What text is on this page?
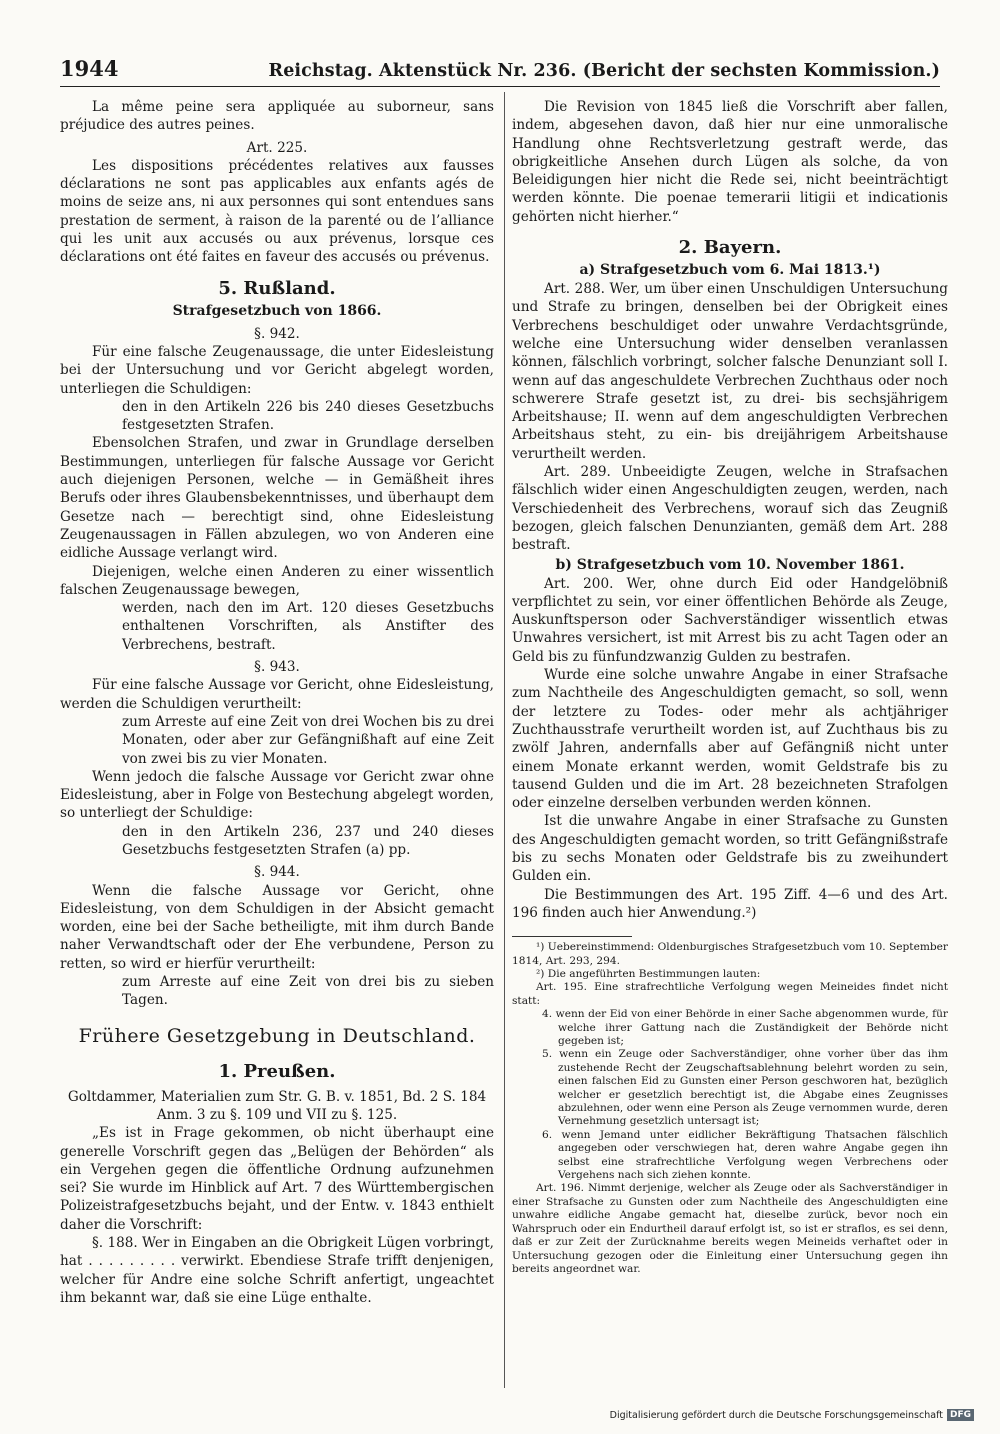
1944	Reichstag. Aktenstück Nr. 236. (Bericht der sechsten Kommission.)

La même peine sera appliquée au suborneur, sans préjudice des autres peines.

Art. 225.

Les dispositions précédentes relatives aux fausses déclarations ne sont pas applicables aux enfants agés de moins de seize ans, ni aux personnes qui sont entendues sans prestation de serment, à raison de la parenté ou de l’alliance qui les unit aux accusés ou aux prévenus, lorsque ces déclarations ont été faites en faveur des accusés ou prévenus.

5. Rußland.

Strafgesetzbuch von 1866.

§. 942.

Für eine falsche Zeugenaussage, die unter Eidesleistung bei der Untersuchung und vor Gericht abgelegt worden, unterliegen die Schuldigen:

den in den Artikeln 226 bis 240 dieses Gesetzbuchs festgesetzten Strafen.

Ebensolchen Strafen, und zwar in Grundlage derselben Bestimmungen, unterliegen für falsche Aussage vor Gericht auch diejenigen Personen, welche — in Gemäßheit ihres Berufs oder ihres Glaubensbekenntnisses, und überhaupt dem Gesetze nach — berechtigt sind, ohne Eidesleistung Zeugenaussagen in Fällen abzulegen, wo von Anderen eine eidliche Aussage verlangt wird.

Diejenigen, welche einen Anderen zu einer wissentlich falschen Zeugenaussage bewegen,

werden, nach den im Art. 120 dieses Gesetzbuchs enthaltenen Vorschriften, als Anstifter des Verbrechens, bestraft.

§. 943.

Für eine falsche Aussage vor Gericht, ohne Eidesleistung, werden die Schuldigen verurtheilt:

zum Arreste auf eine Zeit von drei Wochen bis zu drei Monaten, oder aber zur Gefängnißhaft auf eine Zeit von zwei bis zu vier Monaten.

Wenn jedoch die falsche Aussage vor Gericht zwar ohne Eidesleistung, aber in Folge von Bestechung abgelegt worden, so unterliegt der Schuldige:

den in den Artikeln 236, 237 und 240 dieses Gesetzbuchs festgesetzten Strafen (a) pp.

§. 944.

Wenn die falsche Aussage vor Gericht, ohne Eidesleistung, von dem Schuldigen in der Absicht gemacht worden, eine bei der Sache betheiligte, mit ihm durch Bande naher Verwandtschaft oder der Ehe verbundene, Person zu retten, so wird er hierfür verurtheilt:

zum Arreste auf eine Zeit von drei bis zu sieben Tagen.

Frühere Gesetzgebung in Deutschland.

1. Preußen.

Goltdammer, Materialien zum Str. G. B. v. 1851, Bd. 2 S. 184 Anm. 3 zu §. 109 und VII zu §. 125.

„Es ist in Frage gekommen, ob nicht überhaupt eine generelle Vorschrift gegen das „Belügen der Behörden“ als ein Vergehen gegen die öffentliche Ordnung aufzunehmen sei? Sie wurde im Hinblick auf Art. 7 des Württembergischen Polizeistrafgesetzbuchs bejaht, und der Entw. v. 1843 enthielt daher die Vorschrift:

§. 188. Wer in Eingaben an die Obrigkeit Lügen vorbringt, hat . . . . . . . . . verwirkt. Ebendiese Strafe trifft denjenigen, welcher für Andre eine solche Schrift anfertigt, ungeachtet ihm bekannt war, daß sie eine Lüge enthalte.

Die Revision von 1845 ließ die Vorschrift aber fallen, indem, abgesehen davon, daß hier nur eine unmoralische Handlung ohne Rechtsverletzung gestraft werde, das obrigkeitliche Ansehen durch Lügen als solche, da von Beleidigungen hier nicht die Rede sei, nicht beeinträchtigt werden könnte. Die poenae temerarii litigii et indicationis gehörten nicht hierher.“

2. Bayern.

a) Strafgesetzbuch vom 6. Mai 1813.¹)

Art. 288. Wer, um über einen Unschuldigen Untersuchung und Strafe zu bringen, denselben bei der Obrigkeit eines Verbrechens beschuldiget oder unwahre Verdachtsgründe, welche eine Untersuchung wider denselben veranlassen können, fälschlich vorbringt, solcher falsche Denunziant soll I. wenn auf das angeschuldete Verbrechen Zuchthaus oder noch schwerere Strafe gesetzt ist, zu drei- bis sechsjährigem Arbeitshause; II. wenn auf dem angeschuldigten Verbrechen Arbeitshaus steht, zu ein- bis dreijährigem Arbeitshause verurtheilt werden.

Art. 289. Unbeeidigte Zeugen, welche in Strafsachen fälschlich wider einen Angeschuldigten zeugen, werden, nach Verschiedenheit des Verbrechens, worauf sich das Zeugniß bezogen, gleich falschen Denunzianten, gemäß dem Art. 288 bestraft.

b) Strafgesetzbuch vom 10. November 1861.

Art. 200. Wer, ohne durch Eid oder Handgelöbniß verpflichtet zu sein, vor einer öffentlichen Behörde als Zeuge, Auskunftsperson oder Sachverständiger wissentlich etwas Unwahres versichert, ist mit Arrest bis zu acht Tagen oder an Geld bis zu fünfundzwanzig Gulden zu bestrafen.

Wurde eine solche unwahre Angabe in einer Strafsache zum Nachtheile des Angeschuldigten gemacht, so soll, wenn der letztere zu Todes- oder mehr als achtjähriger Zuchthausstrafe verurtheilt worden ist, auf Zuchthaus bis zu zwölf Jahren, andernfalls aber auf Gefängniß nicht unter einem Monate erkannt werden, womit Geldstrafe bis zu tausend Gulden und die im Art. 28 bezeichneten Strafolgen oder einzelne derselben verbunden werden können.

Ist die unwahre Angabe in einer Strafsache zu Gunsten des Angeschuldigten gemacht worden, so tritt Gefängnißstrafe bis zu sechs Monaten oder Geldstrafe bis zu zweihundert Gulden ein.

Die Bestimmungen des Art. 195 Ziff. 4—6 und des Art. 196 finden auch hier Anwendung.²)

¹) Uebereinstimmend: Oldenburgisches Strafgesetzbuch vom 10. September 1814, Art. 293, 294.

²) Die angeführten Bestimmungen lauten:

Art. 195. Eine strafrechtliche Verfolgung wegen Meineides findet nicht statt:

4. wenn der Eid von einer Behörde in einer Sache abgenommen wurde, für welche ihrer Gattung nach die Zuständigkeit der Behörde nicht gegeben ist;

5. wenn ein Zeuge oder Sachverständiger, ohne vorher über das ihm zustehende Recht der Zeugschaftsablehnung belehrt worden zu sein, einen falschen Eid zu Gunsten einer Person geschworen hat, bezüglich welcher er gesetzlich berechtigt ist, die Abgabe eines Zeugnisses abzulehnen, oder wenn eine Person als Zeuge vernommen wurde, deren Vernehmung gesetzlich untersagt ist;

6. wenn Jemand unter eidlicher Bekräftigung Thatsachen fälschlich angegeben oder verschwiegen hat, deren wahre Angabe gegen ihn selbst eine strafrechtliche Verfolgung wegen Verbrechens oder Vergehens nach sich ziehen konnte.

Art. 196. Nimmt derjenige, welcher als Zeuge oder als Sachverständiger in einer Strafsache zu Gunsten oder zum Nachtheile des Angeschuldigten eine unwahre eidliche Angabe gemacht hat, dieselbe zurück, bevor noch ein Wahrspruch oder ein Endurtheil darauf erfolgt ist, so ist er straflos, es sei denn, daß er zur Zeit der Zurücknahme bereits wegen Meineids verhaftet oder in Untersuchung gezogen oder die Einleitung einer Untersuchung gegen ihn bereits angeordnet war.

Digitalisierung gefördert durch die Deutsche Forschungsgemeinschaft DFG
